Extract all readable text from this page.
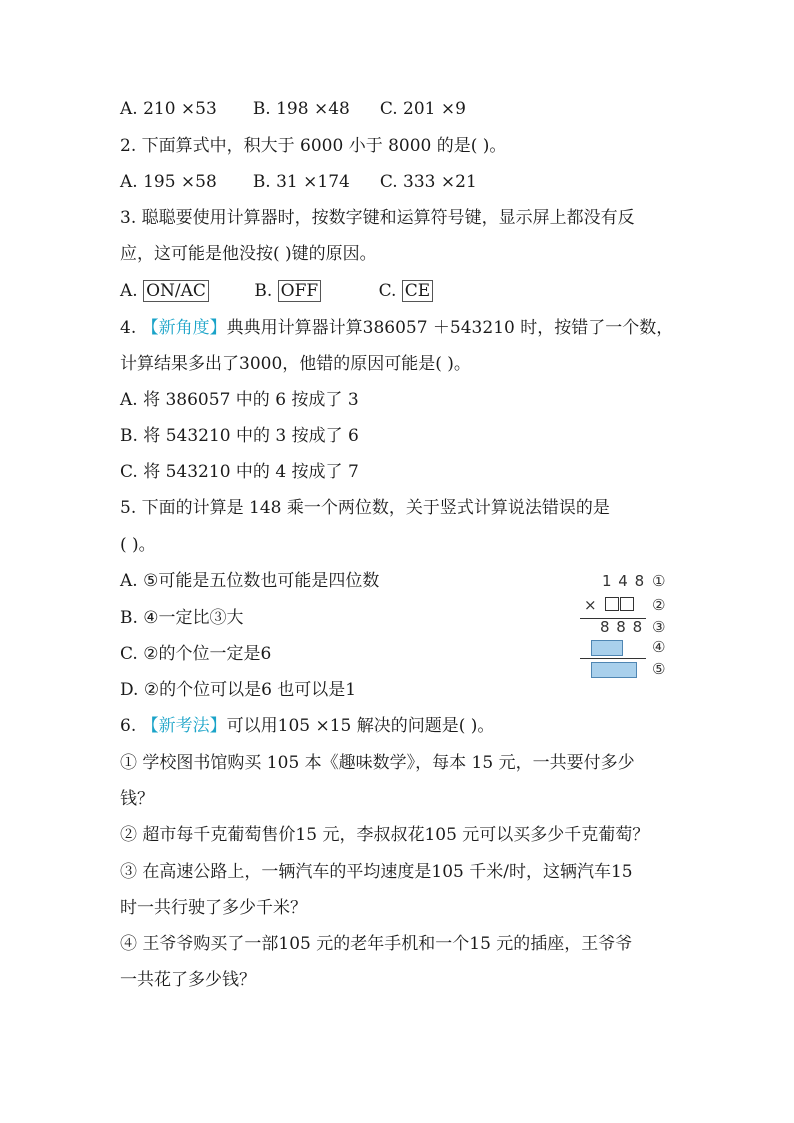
A. 210 ×53 B. 198 ×48 C. 201 ×9
2. 下面算式中，积大于 6000 小于 8000 的是( )。
A. 195 ×58 B. 31 ×174 C. 333 ×21
3. 聪聪要使用计算器时，按数字键和运算符号键，显示屏上都没有反
应，这可能是他没按( )键的原因。
A. ON/AC	B. OFF	C. CE
4. 【新角度】典典用计算器计算386057 ＋543210 时，按错了一个数，
计算结果多出了3000，他错的原因可能是( )。
A. 将 386057 中的 6 按成了 3
B. 将 543210 中的 3 按成了 6
C. 将 543210 中的 4 按成了 7
5. 下面的计算是 148 乘一个两位数，关于竖式计算说法错误的是
( )。
A. ⑤可能是五位数也可能是四位数
B. ④一定比③大
C. ②的个位一定是6
D. ②的个位可以是6 也可以是1
1 4 8 ①
×	②
8 8 8 ③
④
⑤
6. 【新考法】可以用105 ×15 解决的问题是( )。
① 学校图书馆购买 105 本《趣味数学》，每本 15 元，一共要付多少
钱？
② 超市每千克葡萄售价15 元，李叔叔花105 元可以买多少千克葡萄？
③ 在高速公路上，一辆汽车的平均速度是105 千米/时，这辆汽车15
时一共行驶了多少千米？
④ 王爷爷购买了一部105 元的老年手机和一个15 元的插座，王爷爷
一共花了多少钱？
